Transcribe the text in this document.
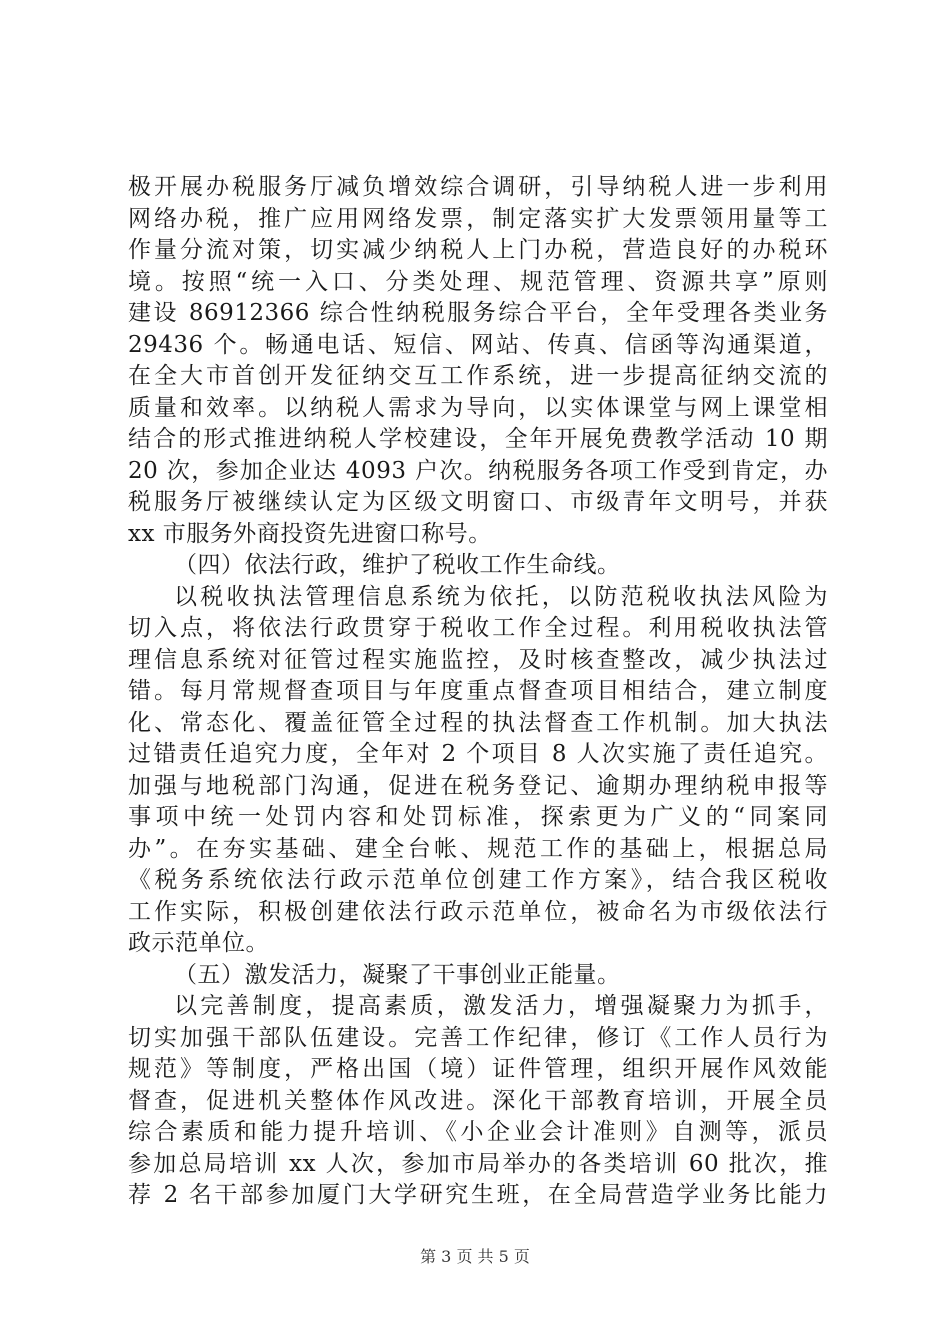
极开展办税服务厅减负增效综合调研，引导纳税人进一步利用
网络办税，推广应用网络发票，制定落实扩大发票领用量等工
作量分流对策，切实减少纳税人上门办税，营造良好的办税环
境。按照“统一入口、分类处理、规范管理、资源共享”原则
建设 86912366 综合性纳税服务综合平台，全年受理各类业务
29436 个。畅通电话、短信、网站、传真、信函等沟通渠道，
在全大市首创开发征纳交互工作系统，进一步提高征纳交流的
质量和效率。以纳税人需求为导向，以实体课堂与网上课堂相
结合的形式推进纳税人学校建设，全年开展免费教学活动 10 期
20 次，参加企业达 4093 户次。纳税服务各项工作受到肯定，办
税服务厅被继续认定为区级文明窗口、市级青年文明号，并获
xx 市服务外商投资先进窗口称号。
（四）依法行政，维护了税收工作生命线。
以税收执法管理信息系统为依托，以防范税收执法风险为
切入点，将依法行政贯穿于税收工作全过程。利用税收执法管
理信息系统对征管过程实施监控，及时核查整改，减少执法过
错。每月常规督查项目与年度重点督查项目相结合，建立制度
化、常态化、覆盖征管全过程的执法督查工作机制。加大执法
过错责任追究力度，全年对 2 个项目 8 人次实施了责任追究。
加强与地税部门沟通，促进在税务登记、逾期办理纳税申报等
事项中统一处罚内容和处罚标准，探索更为广义的“同案同
办”。在夯实基础、建全台帐、规范工作的基础上，根据总局
《税务系统依法行政示范单位创建工作方案》，结合我区税收
工作实际，积极创建依法行政示范单位，被命名为市级依法行
政示范单位。
（五）激发活力，凝聚了干事创业正能量。
以完善制度，提高素质，激发活力，增强凝聚力为抓手，
切实加强干部队伍建设。完善工作纪律，修订《工作人员行为
规范》等制度，严格出国（境）证件管理，组织开展作风效能
督查，促进机关整体作风改进。深化干部教育培训，开展全员
综合素质和能力提升培训、《小企业会计准则》自测等，派员
参加总局培训 xx 人次，参加市局举办的各类培训 60 批次，推
荐 2 名干部参加厦门大学研究生班，在全局营造学业务比能力
第 3 页 共 5 页
